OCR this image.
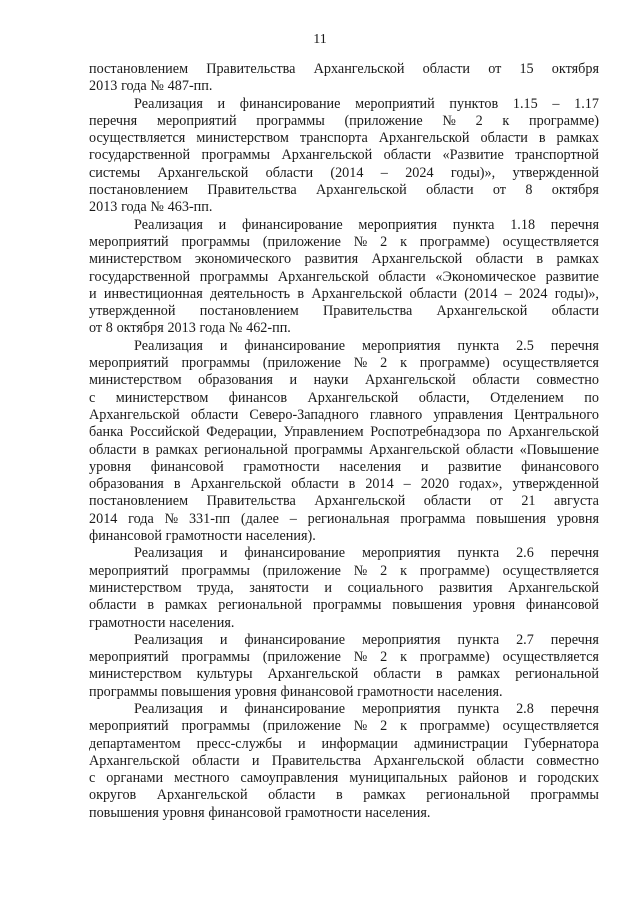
11
постановлением Правительства Архангельской области от 15 октября
2013 года № 487-пп.
Реализация и финансирование мероприятий пунктов 1.15 – 1.17
перечня мероприятий программы (приложение № 2 к программе)
осуществляется министерством транспорта Архангельской области в рамках
государственной программы Архангельской области «Развитие транспортной
системы Архангельской области (2014 – 2024 годы)», утвержденной
постановлением Правительства Архангельской области от 8 октября
2013 года № 463-пп.
Реализация и финансирование мероприятия пункта 1.18 перечня
мероприятий программы (приложение № 2 к программе) осуществляется
министерством экономического развития Архангельской области в рамках
государственной программы Архангельской области «Экономическое развитие
и инвестиционная деятельность в Архангельской области (2014 – 2024 годы)»,
утвержденной постановлением Правительства Архангельской области
от 8 октября 2013 года № 462-пп.
Реализация и финансирование мероприятия пункта 2.5 перечня
мероприятий программы (приложение № 2 к программе) осуществляется
министерством образования и науки Архангельской области совместно
с министерством финансов Архангельской области, Отделением по
Архангельской области Северо-Западного главного управления Центрального
банка Российской Федерации, Управлением Роспотребнадзора по Архангельской
области в рамках региональной программы Архангельской области «Повышение
уровня финансовой грамотности населения и развитие финансового
образования в Архангельской области в 2014 – 2020 годах», утвержденной
постановлением Правительства Архангельской области от 21 августа
2014 года № 331-пп (далее – региональная программа повышения уровня
финансовой грамотности населения).
Реализация и финансирование мероприятия пункта 2.6 перечня
мероприятий программы (приложение № 2 к программе) осуществляется
министерством труда, занятости и социального развития Архангельской
области в рамках региональной программы повышения уровня финансовой
грамотности населения.
Реализация и финансирование мероприятия пункта 2.7 перечня
мероприятий программы (приложение № 2 к программе) осуществляется
министерством культуры Архангельской области в рамках региональной
программы повышения уровня финансовой грамотности населения.
Реализация и финансирование мероприятия пункта 2.8 перечня
мероприятий программы (приложение № 2 к программе) осуществляется
департаментом пресс-службы и информации администрации Губернатора
Архангельской области и Правительства Архангельской области совместно
с органами местного самоуправления муниципальных районов и городских
округов Архангельской области в рамках региональной программы
повышения уровня финансовой грамотности населения.
